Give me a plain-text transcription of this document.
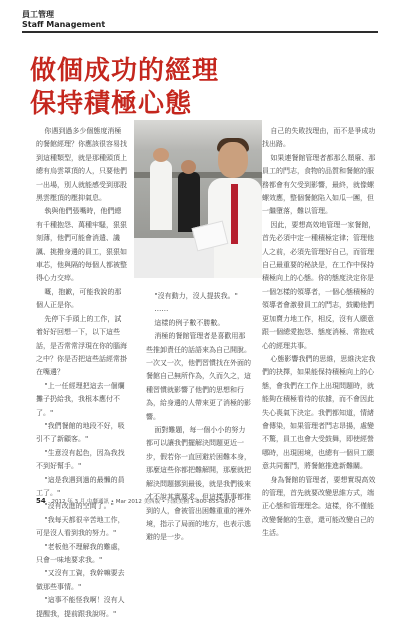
員工管理
Staff Management
做個成功的經理
保持積極心態

你遇到過多少個態度消極的餐館經理？你應該很容易找到這種類型，就是那種頭頂上總有烏雲罩頂的人，只要他們一出場，別人就能感受到那股黑雲壓頂的壓抑氣息。

執與他們張嘴時，他們總有千種抱怨、萬種牢騷，狠狠刻薄，他們可能會消遣、譏諷、挑撥身邊的員工，狠狠如車芯，他與隔的每個人都被整得心力交瘁。

嘅，抱歉，可能我說的那個人正是你。

先停下手頭上的工作，試着好好回想一下，以下這些話，是否常常浮現在你的腦海之中？你是否把這些話經常掛在嘴邊？

"上一任經理把這去一個爛攤子扔給我，我根本應付不了。"

"我們餐館的地段不好，吸引不了新顧客。"

"生意沒有起色，因為我找不到好幫手。"

"這是我遇到過的最懶的員工了。"

"沒有改進的空間了。"

"我每天都很辛苦地工作，可是沒人看到我的努力。"

"老板他不理解我的難處，只會一味地要求我。"

"又沒有工資，我幹嘛要去做那些事情。"

"這事不能怪我啊！沒有人提醒我，提前跟我說呀。"

"沒有動力，沒人提拔我。"

……

這樣的例子數不勝數。

消極的餐館管理者是喜歡用那些推卸責任的話語來為自己開脫。一次又一次，他們習慣找在外面的餐館自己無所作為，久而久之，這種習慣就影響了他們的思想和行為，給身邊的人帶來更了消極的影響。

面對難題，每一個小小的努力都可以讓我們擺解決問題更近一步，假若你一直回避於困難本身，那麼這些你都把難解開，那麼就把解決問題挪到最後，就是我們後來才不說其實要求。但這樣事事都推到的人，會被管出困難重重的裡外境，指示了局面的地方，也表示逃避的是一步。

自己的失敗找理由，而不是爭成功找出路。

如果連餐館管理者都那么頹廢、那員工的門志，食物的品質和餐館的服務都會有欠受到影響，最終，就像螺螺效應，整個餐館陷入如瓜一團，但一繼墮落，難以管理。

因此，要想高效地管理一家餐館，首先必須中定一種積極定律；管理他人之前，必須先管理好自己，而管理自己最重要的秘訣是，在工作中保持積極向上的心態。你的態度決定你是一個怎樣的領導者，一個心態積極的領導者會激發員工的鬥志，鼓勵他們更加賣力地工作，相反，沒有人願意跟一個總愛抱怨、態度消極、常抱戒心的經理共事。

心態影響我們的思維，思維決定我們的抉擇，如果能保持積極向上的心態，會我們在工作上出現問題時，就能夠在積極看待的依據，而不會因此失心喪氣下決定。我們都知道，情緒會傳染，如果管理者鬥志昂揚，處變不驚，員工也會大受鼓舞，即使經營哪時，出現困境，也總有一個貝工願意共同奮鬥，將餐館推進新難關。

身為餐館的管理者，要想實現高效的管理，首先就要改變思維方式，端正心態和管理理念。這樣，你不僅能改變餐館的生意，還可能改變自己的生活。

54 2012 年 3 月 中餐通訊 • Mar 2012 美西版 • 只限美國 1-800-855-8870
